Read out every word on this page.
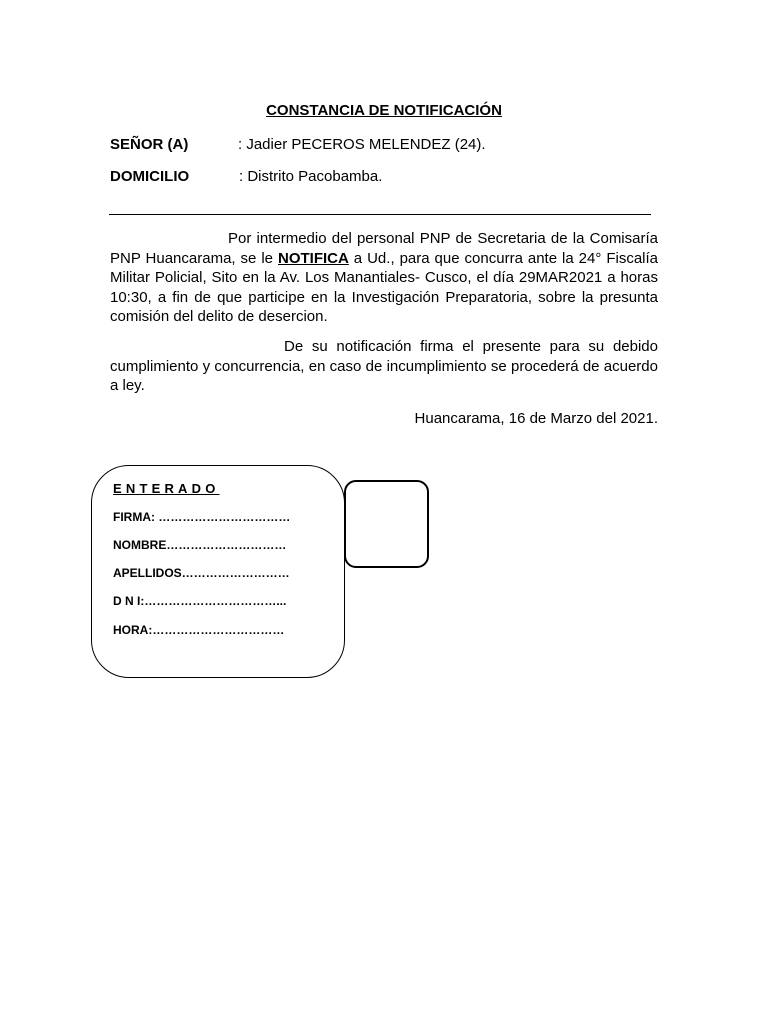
CONSTANCIA DE NOTIFICACIÓN
SEÑOR (A)	: Jadier PECEROS MELENDEZ (24).
DOMICILIO	: Distrito Pacobamba.

Por intermedio del personal PNP de Secretaria de la Comisaría PNP Huancarama, se le NOTIFICA a Ud., para que concurra ante la 24° Fiscalía Militar Policial, Sito en la Av. Los Manantiales- Cusco, el día 29MAR2021 a horas 10:30, a fin de que participe en la Investigación Preparatoria, sobre la presunta comisión del delito de desercion.

De su notificación firma el presente para su debido cumplimiento y concurrencia, en caso de incumplimiento se procederá de acuerdo a ley.

Huancarama, 16 de Marzo del 2021.
ENTERADO
FIRMA: ……………………………
NOMBRE…………………………
APELLIDOS………………………
D N I:……………………………...
HORA:……………………………
